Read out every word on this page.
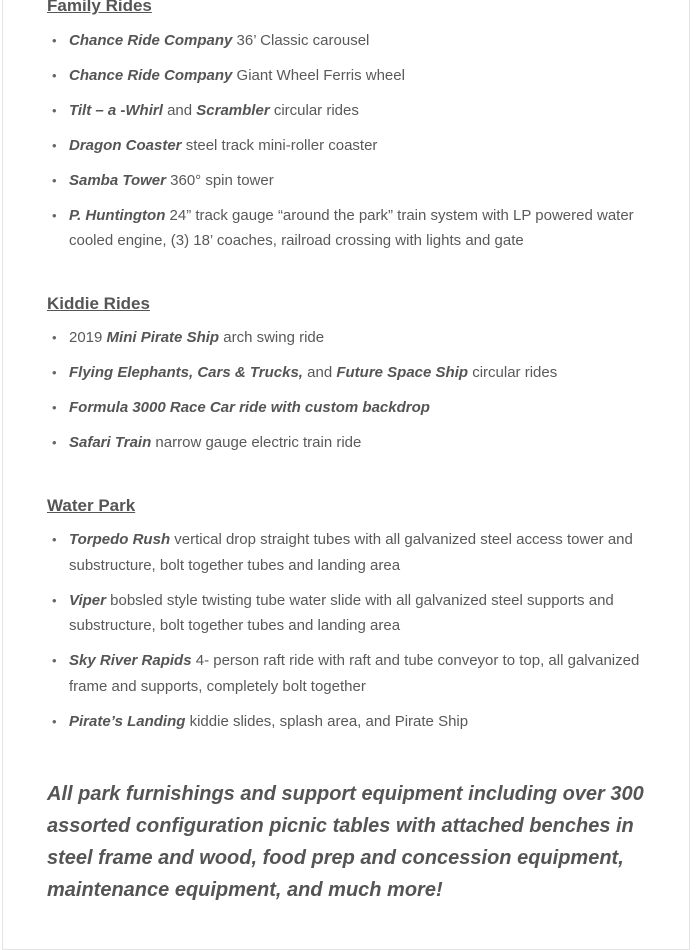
Family Rides
• Chance Ride Company 36’ Classic carousel
• Chance Ride Company Giant Wheel Ferris wheel
• Tilt – a -Whirl and Scrambler circular rides
• Dragon Coaster steel track mini-roller coaster
• Samba Tower 360° spin tower
• P. Huntington 24” track gauge “around the park” train system with LP powered water cooled engine, (3) 18’ coaches, railroad crossing with lights and gate
Kiddie Rides
• 2019 Mini Pirate Ship arch swing ride
• Flying Elephants, Cars & Trucks, and Future Space Ship circular rides
• Formula 3000 Race Car ride with custom backdrop
• Safari Train narrow gauge electric train ride
Water Park
• Torpedo Rush vertical drop straight tubes with all galvanized steel access tower and substructure, bolt together tubes and landing area
• Viper bobsled style twisting tube water slide with all galvanized steel supports and substructure, bolt together tubes and landing area
• Sky River Rapids 4- person raft ride with raft and tube conveyor to top, all galvanized frame and supports, completely bolt together
• Pirate’s Landing kiddie slides, splash area, and Pirate Ship

All park furnishings and support equipment including over 300 assorted configuration picnic tables with attached benches in steel frame and wood, food prep and concession equipment, maintenance equipment, and much more!
